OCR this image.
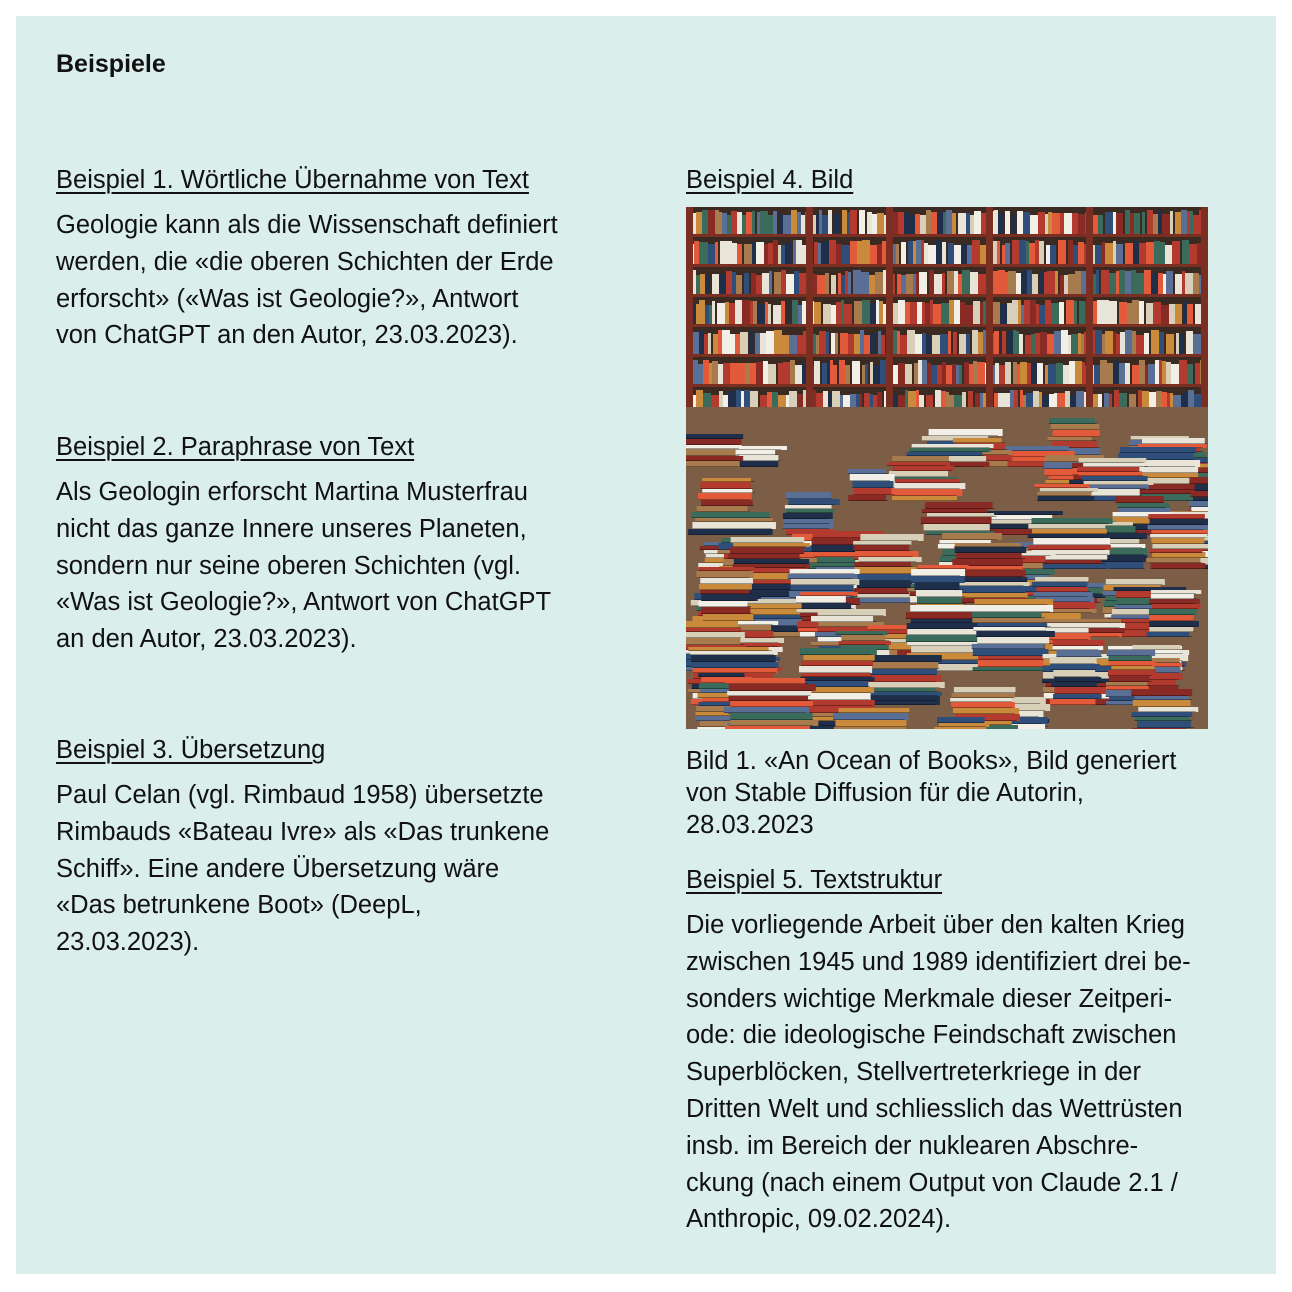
Beispiele

Beispiel 1. Wörtliche Übernahme von Text

Geologie kann als die Wissenschaft definiert
werden, die «die oberen Schichten der Erde
erforscht» («Was ist Geologie?», Antwort
von ChatGPT an den Autor, 23.03.2023).

Beispiel 2. Paraphrase von Text

Als Geologin erforscht Martina Musterfrau
nicht das ganze Innere unseres Planeten,
sondern nur seine oberen Schichten (vgl.
«Was ist Geologie?», Antwort von ChatGPT
an den Autor, 23.03.2023).

Beispiel 3. Übersetzung

Paul Celan (vgl. Rimbaud 1958) übersetzte
Rimbauds «Bateau Ivre» als «Das trunkene
Schiff». Eine andere Übersetzung wäre
«Das betrunkene Boot» (DeepL,
23.03.2023).

Beispiel 4. Bild

Bild 1. «An Ocean of Books», Bild generiert
von Stable Diffusion für die Autorin,
28.03.2023

Beispiel 5. Textstruktur

Die vorliegende Arbeit über den kalten Krieg
zwischen 1945 und 1989 identifiziert drei be-
sonders wichtige Merkmale dieser Zeitperi-
ode: die ideologische Feindschaft zwischen
Superblöcken, Stellvertreterkriege in der
Dritten Welt und schliesslich das Wettrüsten
insb. im Bereich der nuklearen Abschre-
ckung (nach einem Output von Claude 2.1 /
Anthropic, 09.02.2024).
